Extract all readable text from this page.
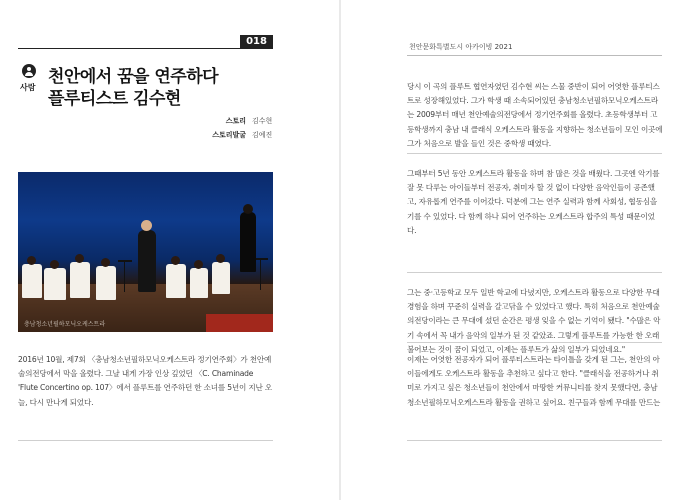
018
사람
천안에서 꿈을 연주하다
플루티스트 김수현
스토리 김수현
스토리발굴 김예진
충남청소년필하모닉오케스트라
2016년 10월, 제7회 〈충남청소년필하모닉오케스트라 정기연주회〉가 천안예술의전당에서 막을 올렸다. 그날 내게 가장 인상 깊었던 〈C. Chaminade 'Flute Concertino op. 107〉에서 플루트를 연주하던 한 소녀를 5년이 지난 오늘, 다시 만나게 되었다.
천안문화특별도시 아카이빙 2021
당시 이 곡의 플루트 협연자였던 김수현 씨는 스물 중반이 되어 어엿한 플루티스트로 성장해있었다. 그가 학생 때 소속되어있던 충남청소년필하모닉오케스트라는 2009부터 매년 천안예술의전당에서 정기연주회를 올렸다. 초등학생부터 고등학생까지 충남 내 클래식 오케스트라 활동을 지향하는 청소년들이 모인 이곳에 그가 처음으로 발을 들인 것은 중학생 때였다.
그때부터 5년 동안 오케스트라 활동을 하며 참 많은 것을 배웠다. 그곳엔 악기를 잘 못 다루는 아이들부터 전공자, 취미자 할 것 없이 다양한 음악인들이 공존했고, 자유롭게 연주를 이어갔다. 덕분에 그는 연주 실력과 함께 사회성, 협동심을 기를 수 있었다. 다 함께 하나 되어 연주하는 오케스트라 합주의 특성 때문이었다.
그는 중·고등학교 모두 일반 학교에 다녔지만, 오케스트라 활동으로 다양한 무대 경험을 하며 꾸준히 실력을 갈고닦을 수 있었다고 했다. 특히 처음으로 천안예술의전당이라는 큰 무대에 섰던 순간은 평생 잊을 수 없는 기억이 됐다. "수많은 악기 속에서 꼭 내가 음악의 일부가 된 것 같았죠. 그렇게 플루트를 가능한 한 오래 불어보는 것이 꿈이 되었고, 이제는 플루트가 삶의 일부가 되었네요."
이제는 어엿한 전공자가 되어 플루티스트라는 타이틀을 갖게 된 그는, 천안의 아이들에게도 오케스트라 활동을 추천하고 싶다고 한다. "클래식을 전공하거나 취미로 가지고 싶은 청소년들이 천안에서 마땅한 커뮤니티를 찾지 못했다면, 충남청소년필하모닉오케스트라 활동을 권하고 싶어요. 친구들과 함께 무대를 만드는
